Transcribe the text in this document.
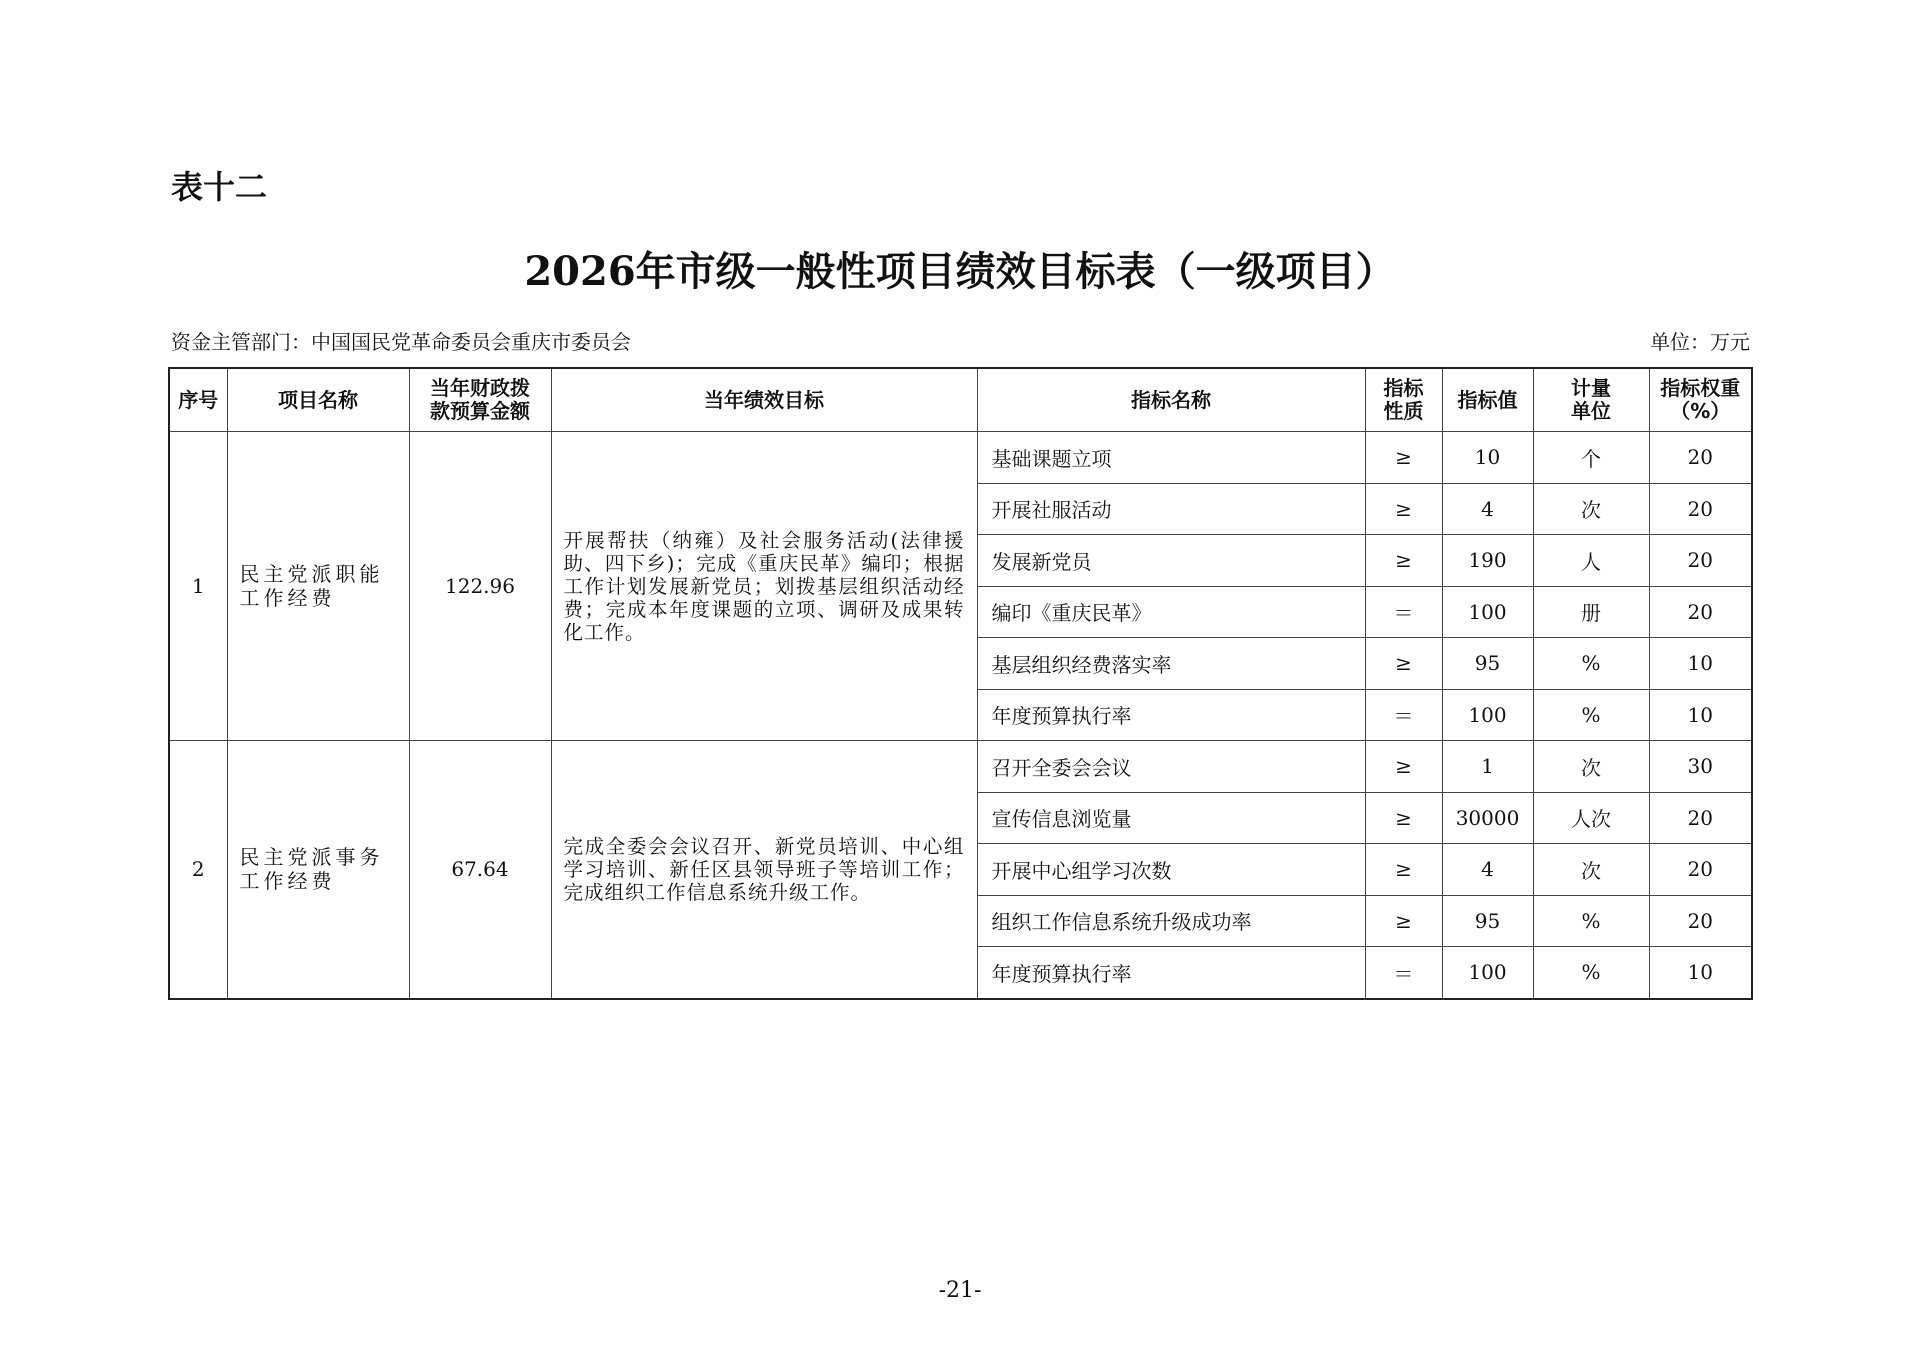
表十二
2026年市级一般性项目绩效目标表（一级项目）
资金主管部门：中国国民党革命委员会重庆市委员会	单位：万元
序号	项目名称	当年财政拨款预算金额	当年绩效目标	指标名称	指标性质	指标值	计量单位	指标权重（%）

1	民主党派职能工作经费	122.96	开展帮扶（纳雍）及社会服务活动(法律援助、四下乡)；完成《重庆民革》编印；根据工作计划发展新党员；划拨基层组织活动经费；完成本年度课题的立项、调研及成果转化工作。	基础课题立项	≥	10	个	20
				开展社服活动	≥	4	次	20
				发展新党员	≥	190	人	20
				编印《重庆民革》	＝	100	册	20
				基层组织经费落实率	≥	95	%	10
				年度预算执行率	＝	100	%	10
2	民主党派事务工作经费	67.64	完成全委会会议召开、新党员培训、中心组学习培训、新任区县领导班子等培训工作；完成组织工作信息系统升级工作。	召开全委会会议	≥	1	次	30
				宣传信息浏览量	≥	30000	人次	20
				开展中心组学习次数	≥	4	次	20
				组织工作信息系统升级成功率	≥	95	%	20
				年度预算执行率	＝	100	%	10
-21-
